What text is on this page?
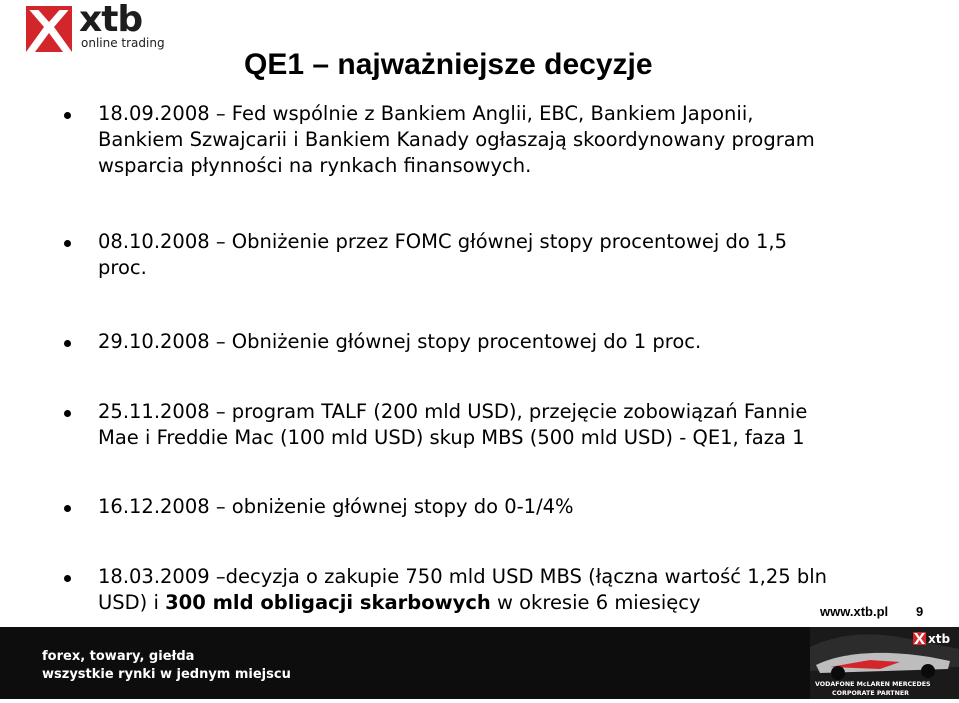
xtb
online trading
QE1 – najważniejsze decyzje
18.09.2008 – Fed wspólnie z Bankiem Anglii, EBC, Bankiem Japonii,
Bankiem Szwajcarii i Bankiem Kanady ogłaszają skoordynowany program
wsparcia płynności na rynkach finansowych.
08.10.2008 – Obniżenie przez FOMC głównej stopy procentowej do 1,5
proc.
29.10.2008 – Obniżenie głównej stopy procentowej do 1 proc.
25.11.2008 – program TALF (200 mld USD), przejęcie zobowiązań Fannie
Mae i Freddie Mac (100 mld USD) skup MBS (500 mld USD) - QE1, faza 1
16.12.2008 – obniżenie głównej stopy do 0-1/4%
18.03.2009 –decyzja o zakupie 750 mld USD MBS (łączna wartość 1,25 bln
USD) i 300 mld obligacji skarbowych w okresie 6 miesięcy	www.xtb.pl 9
forex, towary, giełda
wszystkie rynki w jednym miejscu
xtb
VODAFONE McLAREN MERCEDES
CORPORATE PARTNER
